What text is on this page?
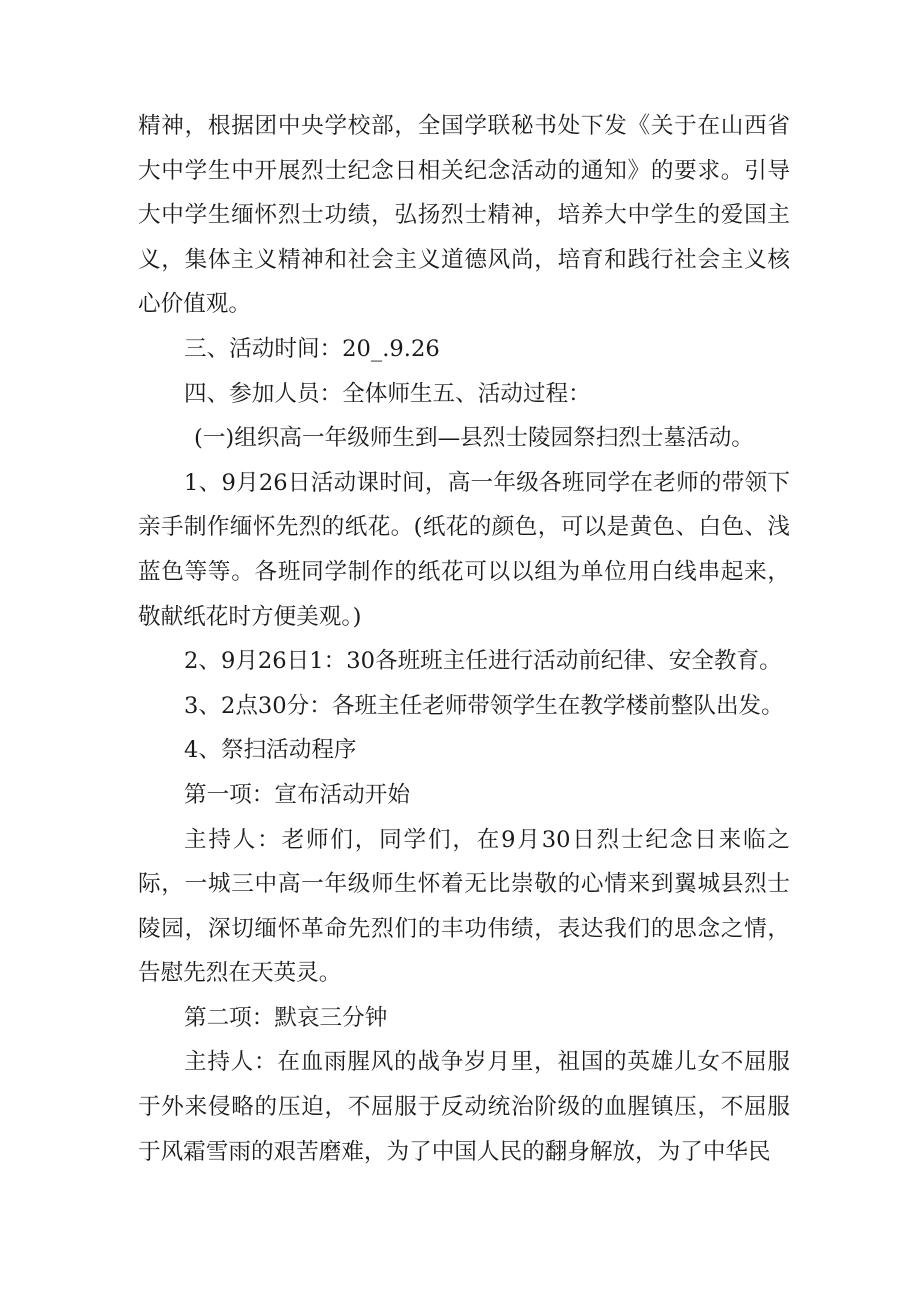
精神，根据团中央学校部，全国学联秘书处下发《关于在山西省大中学生中开展烈士纪念日相关纪念活动的通知》的要求。引导大中学生缅怀烈士功绩，弘扬烈士精神，培养大中学生的爱国主义，集体主义精神和社会主义道德风尚，培育和践行社会主义核心价值观。

三、活动时间：20_.9.26

四、参加人员：全体师生五、活动过程：

(一)组织高一年级师生到—县烈士陵园祭扫烈士墓活动。

1、9月26日活动课时间，高一年级各班同学在老师的带领下亲手制作缅怀先烈的纸花。(纸花的颜色，可以是黄色、白色、浅蓝色等等。各班同学制作的纸花可以以组为单位用白线串起来，敬献纸花时方便美观。)

2、9月26日1：30各班班主任进行活动前纪律、安全教育。

3、2点30分：各班主任老师带领学生在教学楼前整队出发。

4、祭扫活动程序

第一项：宣布活动开始

主持人：老师们，同学们，在9月30日烈士纪念日来临之际，一城三中高一年级师生怀着无比崇敬的心情来到翼城县烈士陵园，深切缅怀革命先烈们的丰功伟绩，表达我们的思念之情，告慰先烈在天英灵。

第二项：默哀三分钟

主持人：在血雨腥风的战争岁月里，祖国的英雄儿女不屈服于外来侵略的压迫，不屈服于反动统治阶级的血腥镇压，不屈服于风霜雪雨的艰苦磨难，为了中国人民的翻身解放，为了中华民
